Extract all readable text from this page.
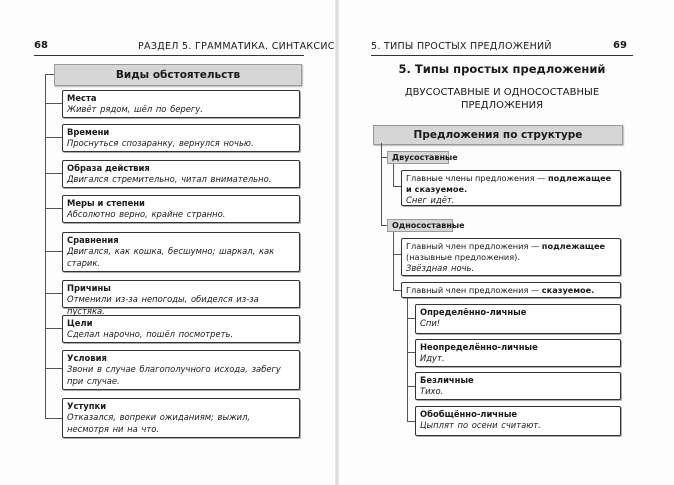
68	РАЗДЕЛ 5. ГРАММАТИКА. СИНТАКСИС
Виды обстоятельств
Места
Живёт рядом, шёл по берегу.
Времени
Проснуться спозаранку, вернулся ночью.
Образа действия
Двигался стремительно, читал внимательно.
Меры и степени
Абсолютно верно, крайне странно.
Сравнения
Двигался, как кошка, бесшумно; шаркал, как старик.
Причины
Отменили из-за непогоды, обиделся из-за пустяка.
Цели
Сделал нарочно, пошёл посмотреть.
Условия
Звони в случае благополучного исхода, забегу при случае.
Уступки
Отказался, вопреки ожиданиям; выжил, несмотря ни на что.
5. ТИПЫ ПРОСТЫХ ПРЕДЛОЖЕНИЙ	69
5. Типы простых предложений
ДВУСОСТАВНЫЕ И ОДНОСОСТАВНЫЕ
ПРЕДЛОЖЕНИЯ
Предложения по структуре
Двусоставные
Главные члены предложения — подлежащее
и сказуемое.
Снег идёт.
Односоставные
Главный член предложения — подлежащее (назывные предложения).
Звёздная ночь.
Главный член предложения — сказуемое.
Определённо-личные
Спи!
Неопределённо-личные
Идут.
Безличные
Тихо.
Обобщённо-личные
Цыплят по осени считают.
